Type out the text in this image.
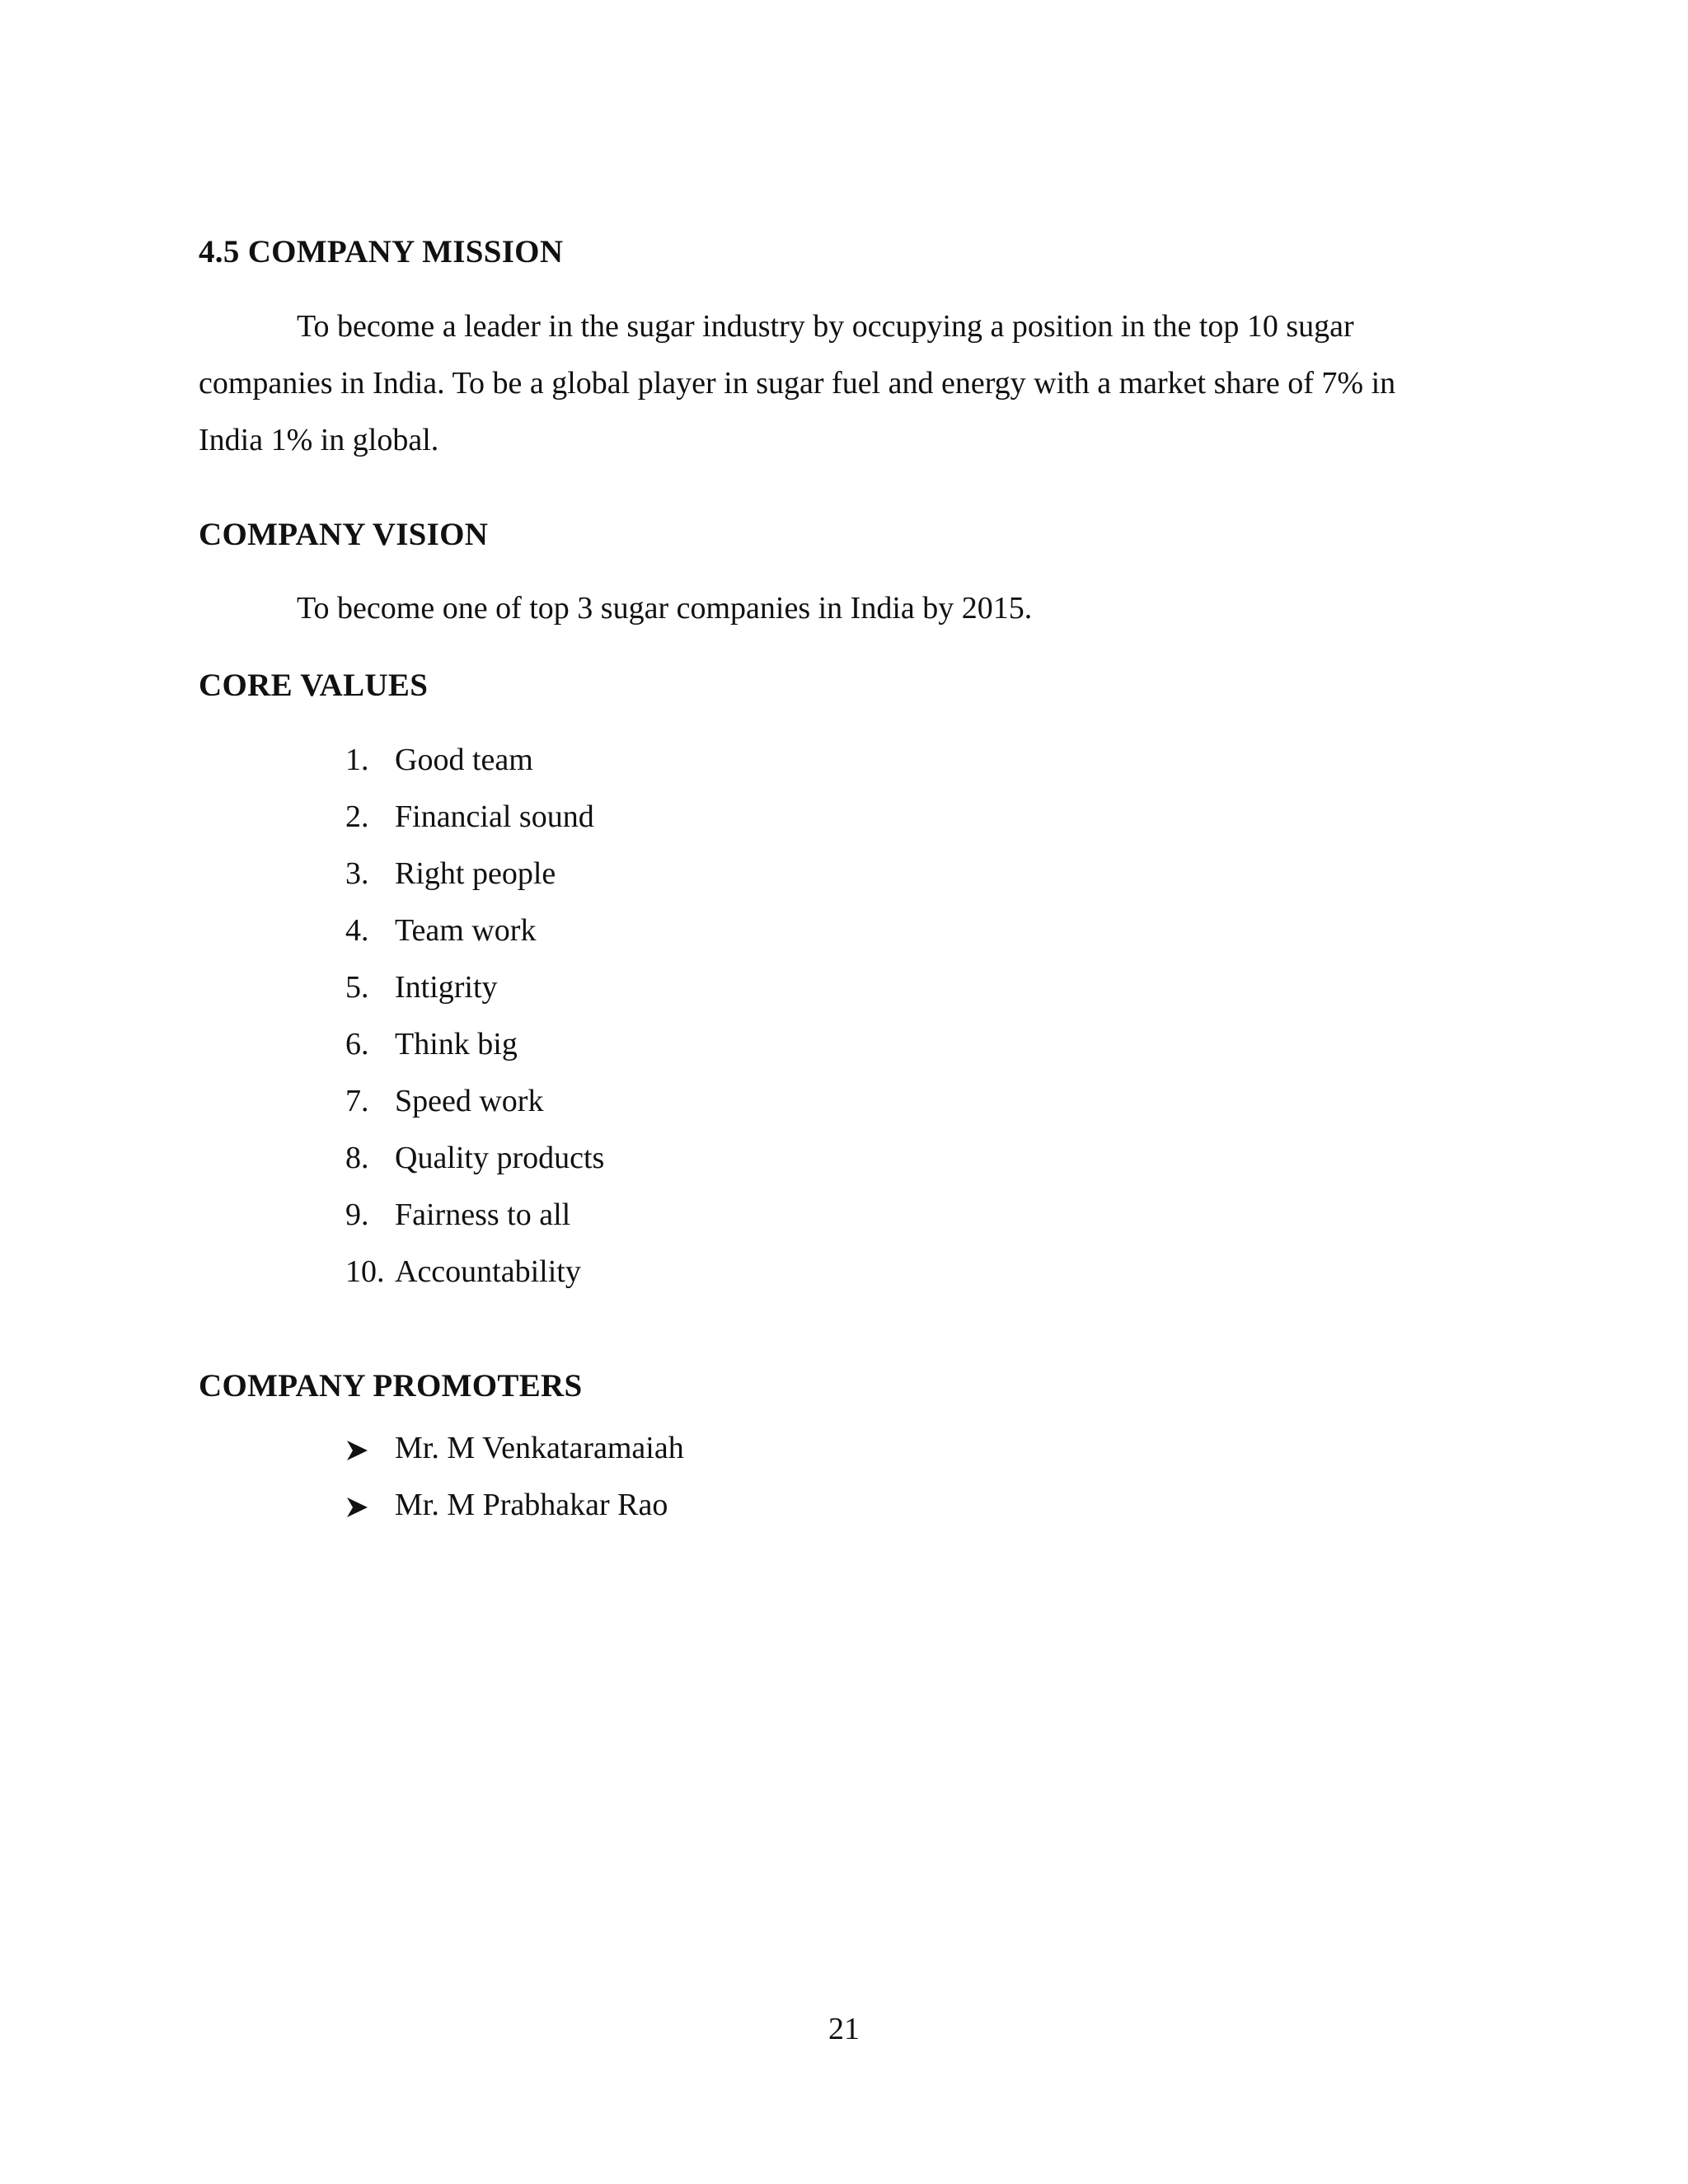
4.5 COMPANY MISSION

To become a leader in the sugar industry by occupying a position in the top 10 sugar companies in India. To be a global player in sugar fuel and energy with a market share of 7% in India 1% in global.

COMPANY VISION

To become one of top 3 sugar companies in India by 2015.

CORE VALUES
1. Good team
2. Financial sound
3. Right people
4. Team work
5. Intigrity
6. Think big
7. Speed work
8. Quality products
9. Fairness to all
10. Accountability
COMPANY PROMOTERS
Mr. M Venkataramaiah
Mr. M Prabhakar Rao

21
